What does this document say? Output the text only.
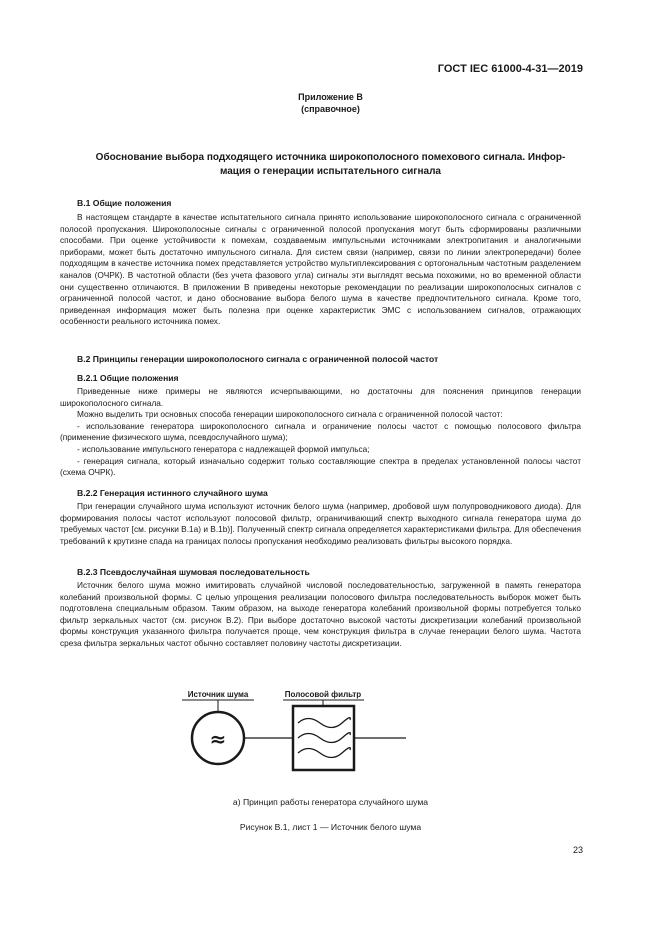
ГОСТ IEC 61000-4-31—2019
Приложение В
(справочное)
Обоснование выбора подходящего источника широкополосного помехового сигнала. Инфор-
мация о генерации испытательного сигнала
В.1 Общие положения

В настоящем стандарте в качестве испытательного сигнала принято использование широкополосного сигнала с ограниченной полосой пропускания. Широкополосные сигналы с ограниченной полосой пропускания могут быть сформированы различными способами. При оценке устойчивости к помехам, создаваемым импульсными источниками электропитания и аналогичными приборами, может быть достаточно импульсного сигнала. Для систем связи (например, связи по линии электропередачи) более подходящим в качестве источника помех представляется устройство мультиплексирования с ортогональным частотным разделением каналов (ОЧРК). В частотной области (без учета фазового угла) сигналы эти выглядят весьма похожими, но во временной области они существенно отличаются. В приложении В приведены некоторые рекомендации по реализации широкополосных сигналов с ограниченной полосой частот, и дано обоснование выбора белого шума в качестве предпочтительного сигнала. Кроме того, приведенная информация может быть полезна при оценке характеристик ЭМС с использованием сигналов, отражающих особенности реального источника помех.

В.2 Принципы генерации широкополосного сигнала с ограниченной полосой частот
В.2.1 Общие положения

Приведенные ниже примеры не являются исчерпывающими, но достаточны для пояснения принципов генерации широкополосного сигнала.

Можно выделить три основных способа генерации широкополосного сигнала с ограниченной полосой частот:

- использование генератора широкополосного сигнала и ограничение полосы частот с помощью полосового фильтра (применение физического шума, псевдослучайного шума);

- использование импульсного генератора с надлежащей формой импульса;

- генерация сигнала, который изначально содержит только составляющие спектра в пределах установленной полосы частот (схема ОЧРК).

В.2.2 Генерация истинного случайного шума

При генерации случайного шума используют источник белого шума (например, дробовой шум полупроводникового диода). Для формирования полосы частот используют полосовой фильтр, ограничивающий спектр выходного сигнала генератора шума до требуемых частот [см. рисунки В.1а) и В.1b)]. Полученный спектр сигнала определяется характеристиками фильтра. Для обеспечения требований к крутизне спада на границах полосы пропускания необходимо реализовать фильтры высокого порядка.

В.2.3 Псевдослучайная шумовая последовательность

Источник белого шума можно имитировать случайной числовой последовательностью, загруженной в память генератора колебаний произвольной формы. С целью упрощения реализации полосового фильтра последовательность выборок может быть подготовлена специальным образом. Таким образом, на выходе генератора колебаний произвольной формы потребуется только фильтр зеркальных частот (см. рисунок В.2). При выборе достаточно высокой частоты дискретизации колебаний произвольной формы конструкция указанного фильтра получается проще, чем конструкция фильтра в случае генерации белого шума. Частота среза фильтра зеркальных частот обычно составляет половину частоты дискретизации.

Источник шума	Полосовой фильтр
≈
а) Принцип работы генератора случайного шума
Рисунок В.1, лист 1 — Источник белого шума
23
